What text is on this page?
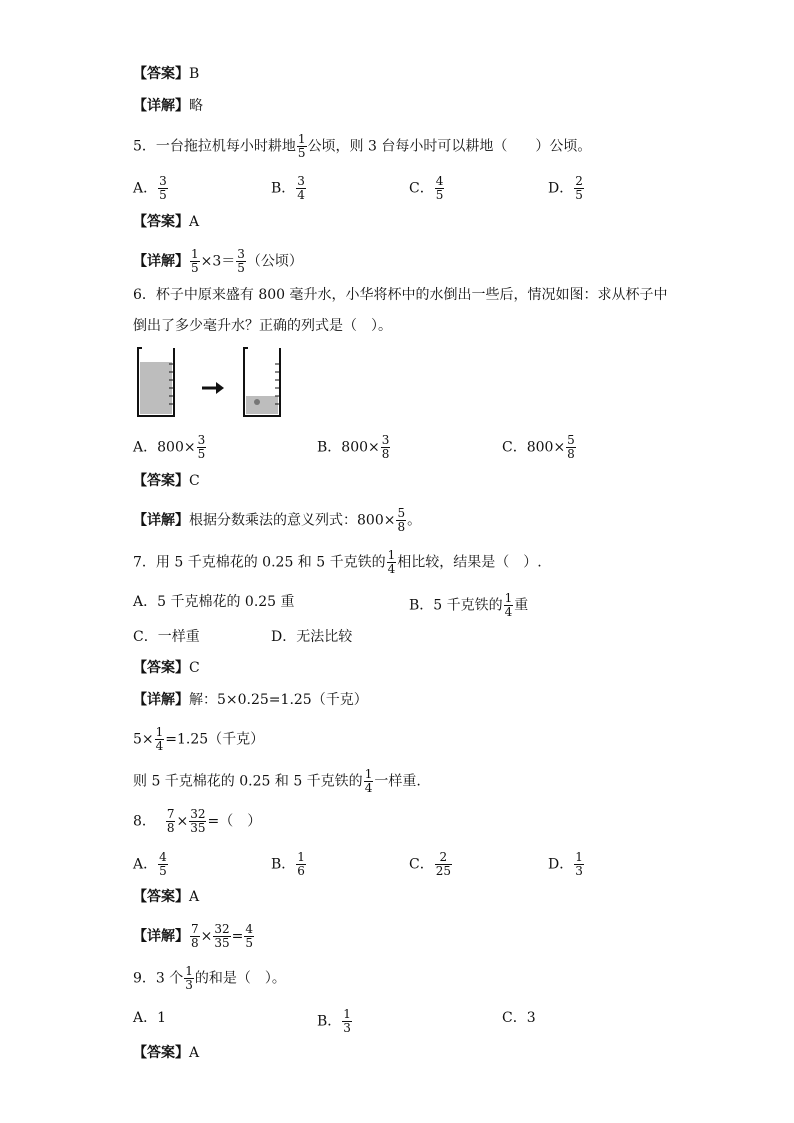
【答案】B
【详解】略
5．一台拖拉机每小时耕地 $\frac{1}{5}$ 公顷，则 3 台每小时可以耕地（　　）公顷。
A． $\frac{3}{5}$	B． $\frac{3}{4}$	C． $\frac{4}{5}$	D． $\frac{2}{5}$
【答案】A
【详解】 $\frac{1}{5} \times 3= \frac{3}{5}$ （公顷）
6．杯子中原来盛有 800 毫升水，小华将杯中的水倒出一些后，情况如图：求从杯子中
倒出了多少毫升水？正确的列式是（　）。
A．$800\times \frac{3}{5}$	B．$800\times \frac{3}{8}$	C．$800\times \frac{5}{8}$
【答案】C
【详解】根据分数乘法的意义列式：$800\times \frac{5}{8}$ 。
7．用 5 千克棉花的 0.25 和 5 千克铁的 $\frac{1}{4}$ 相比较，结果是（　）.
A．5 千克棉花的 0.25 重	B．5 千克铁的 $\frac{1}{4}$ 重
C．一样重	D．无法比较
【答案】C
【详解】解：5×0.25=1.25（千克）
$5\times \frac{1}{4} =1.25$（千克）
则 5 千克棉花的 0.25 和 5 千克铁的 $\frac{1}{4}$ 一样重.
8． $\frac{7}{8} \times \frac{32}{35}$ =（　）
A． $\frac{4}{5}$	B． $\frac{1}{6}$	C． $\frac{2}{25}$	D． $\frac{1}{3}$
【答案】A
【详解】 $\frac{7}{8} \times \frac{32}{35} = \frac{4}{5}$
9．3 个 $\frac{1}{3}$ 的和是（　）。
A．1	B． $\frac{1}{3}$	C．3
【答案】A
